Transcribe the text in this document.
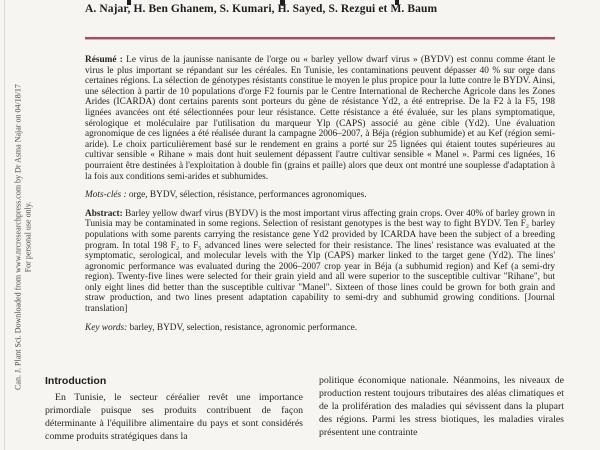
A. Najar, H. Ben Ghanem, S. Kumari, H. Sayed, S. Rezgui et M. Baum
Can. J. Plant Sci. Downloaded from www.nrcresearchpress.com by Dr Asma Najar on 04/18/17 For personal use only.

Résumé : Le virus de la jaunisse nanisante de l'orge ou « barley yellow dwarf virus » (BYDV) est connu comme étant le virus le plus important se répandant sur les céréales. En Tunisie, les contaminations peuvent dépasser 40 % sur orge dans certaines régions. La sélection de génotypes résistants constitue le moyen le plus propice pour la lutte contre le BYDV. Ainsi, une sélection à partir de 10 populations d'orge F2 fournis par le Centre International de Recherche Agricole dans les Zones Arides (ICARDA) dont certains parents sont porteurs du gène de résistance Yd2, a été entreprise. De la F2 à la F5, 198 lignées avancées ont été sélectionnées pour leur résistance. Cette résistance a été évaluée, sur les plans symptomatique, sérologique et moléculaire par l'utilisation du marqueur Ylp (CAPS) associé au gène cible (Yd2). Une évaluation agronomique de ces lignées a été réalisée durant la campagne 2006–2007, à Béja (région subhumide) et au Kef (région semi-aride). Le choix particulièrement basé sur le rendement en grains a porté sur 25 lignées qui étaient toutes supérieures au cultivar sensible « Rihane » mais dont huit seulement dépassent l'autre cultivar sensible « Manel ». Parmi ces lignées, 16 pourraient être destinées à l'exploitation à double fin (grains et paille) alors que deux ont montré une souplesse d'adaptation à la fois aux conditions semi-arides et subhumides.

Mots-clés : orge, BYDV, sélection, résistance, performances agronomiques.

Abstract: Barley yellow dwarf virus (BYDV) is the most important virus affecting grain crops. Over 40% of barley grown in Tunisia may be contaminated in some regions. Selection of resistant genotypes is the best way to fight BYDV. Ten F₂ barley populations with some parents carrying the resistance gene Yd2 provided by ICARDA have been the subject of a breeding program. In total 198 F₂ to F₅ advanced lines were selected for their resistance. The lines' resistance was evaluated at the symptomatic, serological, and molecular levels with the Ylp (CAPS) marker linked to the target gene (Yd2). The lines' agronomic performance was evaluated during the 2006–2007 crop year in Béja (a subhumid region) and Kef (a semi-dry region). Twenty-five lines were selected for their grain yield and all were superior to the susceptible cultivar "Rihane", but only eight lines did better than the susceptible cultivar "Manel". Sixteen of those lines could be grown for both grain and straw production, and two lines present adaptation capability to semi-dry and subhumid growing conditions. [Journal translation]

Key words: barley, BYDV, selection, resistance, agronomic performance.

Introduction
En Tunisie, le secteur céréalier revêt une importance primordiale puisque ses produits contribuent de façon déterminante à l'équilibre alimentaire du pays et sont considérés comme produits stratégiques dans la
politique économique nationale. Néanmoins, les niveaux de production restent toujours tributaires des aléas climatiques et de la prolifération des maladies qui sévissent dans la plupart des régions. Parmi les stress biotiques, les maladies virales présentent une contrainte
